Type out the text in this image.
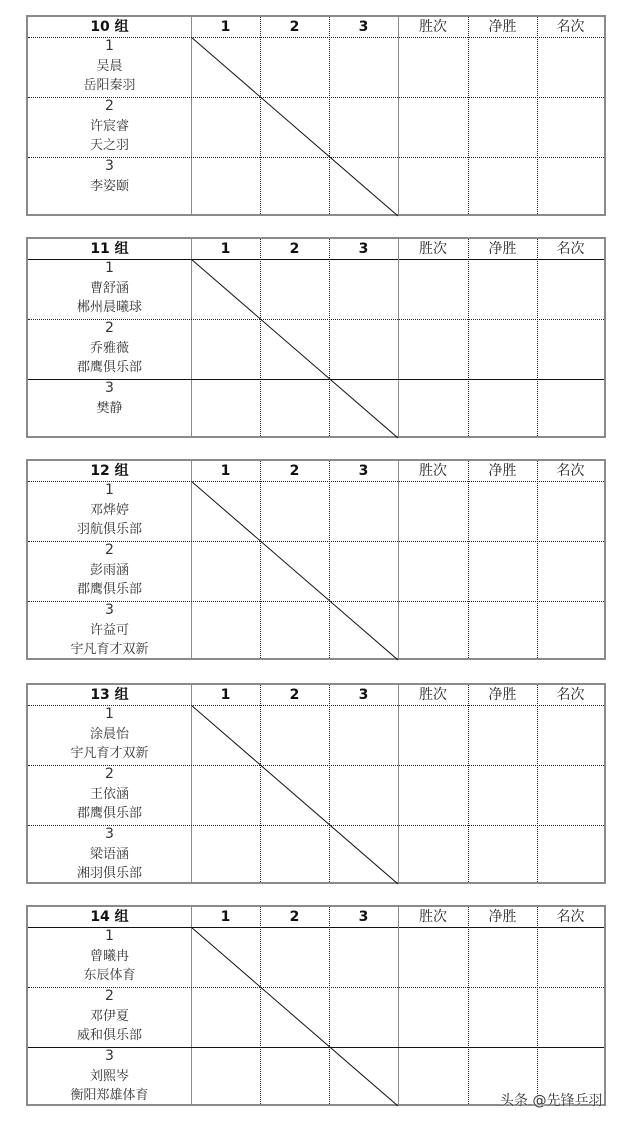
10 组	1	2	3	胜次	净胜	名次
1
吴晨
岳阳秦羽
2
许宸睿
天之羽
3
李姿颐
11 组	1	2	3	胜次	净胜	名次
1
曹舒涵
郴州晨曦球
2
乔雅薇
郡鹰俱乐部
3
樊静
12 组	1	2	3	胜次	净胜	名次
1
邓烨婷
羽航俱乐部
2
彭雨涵
郡鹰俱乐部
3
许益可
宇凡育才双新
13 组	1	2	3	胜次	净胜	名次
1
涂晨怡
宇凡育才双新
2
王依涵
郡鹰俱乐部
3
梁语涵
湘羽俱乐部
14 组	1	2	3	胜次	净胜	名次
1
曾曦冉
东辰体育
2
邓伊夏
威和俱乐部
3
刘熙岑
衡阳郑雄体育	头条 @先锋乒羽
